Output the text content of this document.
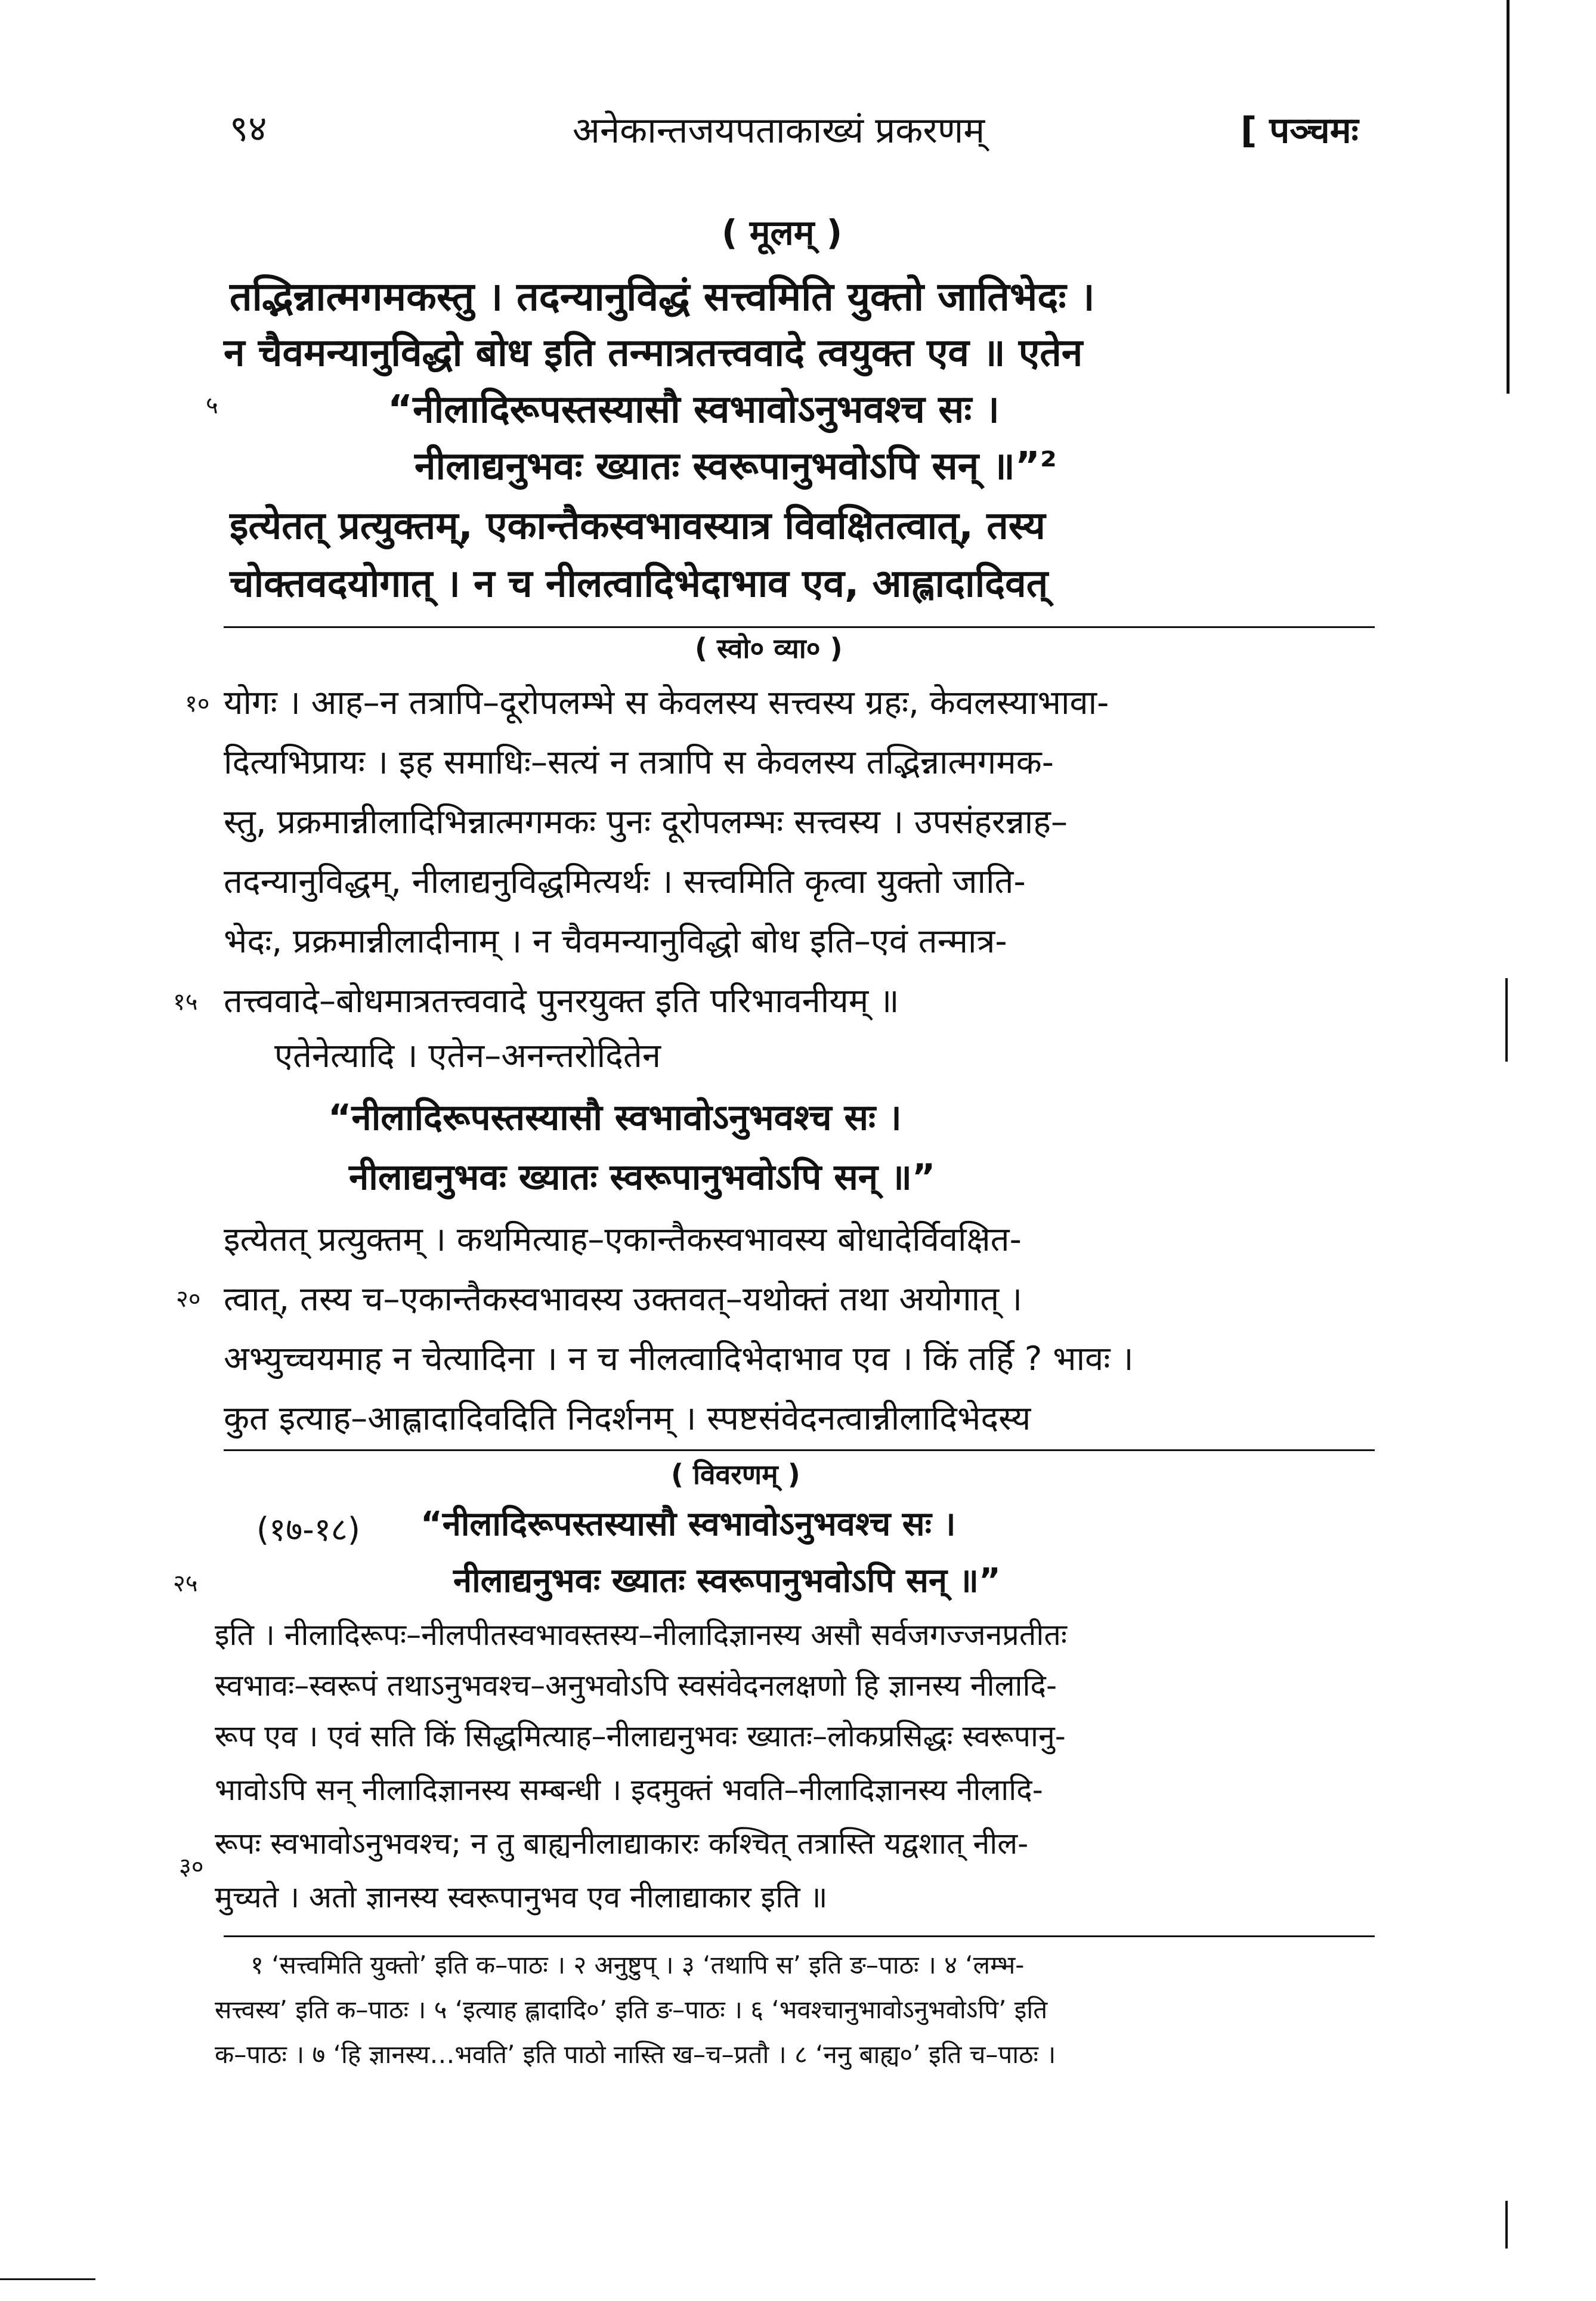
९४	अनेकान्तजयपताकाख्यं प्रकरणम्	[ पञ्चमः
( मूलम् )
५
तद्भिन्नात्मगमकस्तु । तदन्यानुविद्धं सत्त्वमिति युक्तो जातिभेदः ।
न चैवमन्यानुविद्धो बोध इति तन्मात्रतत्त्ववादे त्वयुक्त एव ॥ एतेन
“नीलादिरूपस्तस्यासौ स्वभावोऽनुभवश्च सः ।
नीलाद्यनुभवः ख्यातः स्वरूपानुभवोऽपि सन् ॥”²
इत्येतत् प्रत्युक्तम्, एकान्तैकस्वभावस्यात्र विवक्षितत्वात्, तस्य
चोक्तवदयोगात् । न च नीलत्वादिभेदाभाव एव, आह्लादादिवत्
( स्वो० व्या० )
१०
१५
२०
योगः । आह–न तत्रापि–दूरोपलम्भे स केवलस्य सत्त्वस्य ग्रहः, केवलस्याभावा-
दित्यभिप्रायः । इह समाधिः–सत्यं न तत्रापि स केवलस्य तद्भिन्नात्मगमक-
स्तु, प्रक्रमान्नीलादिभिन्नात्मगमकः पुनः दूरोपलम्भः सत्त्वस्य । उपसंहरन्नाह–
तदन्यानुविद्धम्, नीलाद्यनुविद्धमित्यर्थः । सत्त्वमिति कृत्वा युक्तो जाति-
भेदः, प्रक्रमान्नीलादीनाम् । न चैवमन्यानुविद्धो बोध इति–एवं तन्मात्र-
तत्त्ववादे–बोधमात्रतत्त्ववादे पुनरयुक्त इति परिभावनीयम् ॥
एतेनेत्यादि । एतेन–अनन्तरोदितेन
“नीलादिरूपस्तस्यासौ स्वभावोऽनुभवश्च सः ।
नीलाद्यनुभवः ख्यातः स्वरूपानुभवोऽपि सन् ॥”
इत्येतत् प्रत्युक्तम् । कथमित्याह–एकान्तैकस्वभावस्य बोधादेर्विवक्षित-
त्वात्, तस्य च–एकान्तैकस्वभावस्य उक्तवत्–यथोक्तं तथा अयोगात् ।
अभ्युच्चयमाह न चेत्यादिना । न च नीलत्वादिभेदाभाव एव । किं तर्हि ? भावः ।
कुत इत्याह–आह्लादादिवदिति निदर्शनम् । स्पष्टसंवेदनत्वान्नीलादिभेदस्य
( विवरणम् )
(१७-१८)
२५
३०
“नीलादिरूपस्तस्यासौ स्वभावोऽनुभवश्च सः ।
नीलाद्यनुभवः ख्यातः स्वरूपानुभवोऽपि सन् ॥”
इति । नीलादिरूपः–नीलपीतस्वभावस्तस्य–नीलादिज्ञानस्य असौ सर्वजगज्जनप्रतीतः
स्वभावः–स्वरूपं तथाऽनुभवश्च–अनुभवोऽपि स्वसंवेदनलक्षणो हि ज्ञानस्य नीलादि-
रूप एव । एवं सति किं सिद्धमित्याह–नीलाद्यनुभवः ख्यातः–लोकप्रसिद्धः स्वरूपानु-
भावोऽपि सन् नीलादिज्ञानस्य सम्बन्धी । इदमुक्तं भवति–नीलादिज्ञानस्य नीलादि-
रूपः स्वभावोऽनुभवश्च; न तु बाह्यनीलाद्याकारः कश्चित् तत्रास्ति यद्वशात् नील-
मुच्यते । अतो ज्ञानस्य स्वरूपानुभव एव नीलाद्याकार इति ॥
१ ‘सत्त्वमिति युक्तो’ इति क–पाठः । २ अनुष्टुप् । ३ ‘तथापि स’ इति ङ–पाठः । ४ ‘लम्भ-
सत्त्वस्य’ इति क–पाठः । ५ ‘इत्याह ह्लादादि०’ इति ङ–पाठः । ६ ‘भवश्चानुभावोऽनुभवोऽपि’ इति
क–पाठः । ७ ‘हि ज्ञानस्य…भवति’ इति पाठो नास्ति ख–च–प्रतौ । ८ ‘ननु बाह्य०’ इति च–पाठः ।
